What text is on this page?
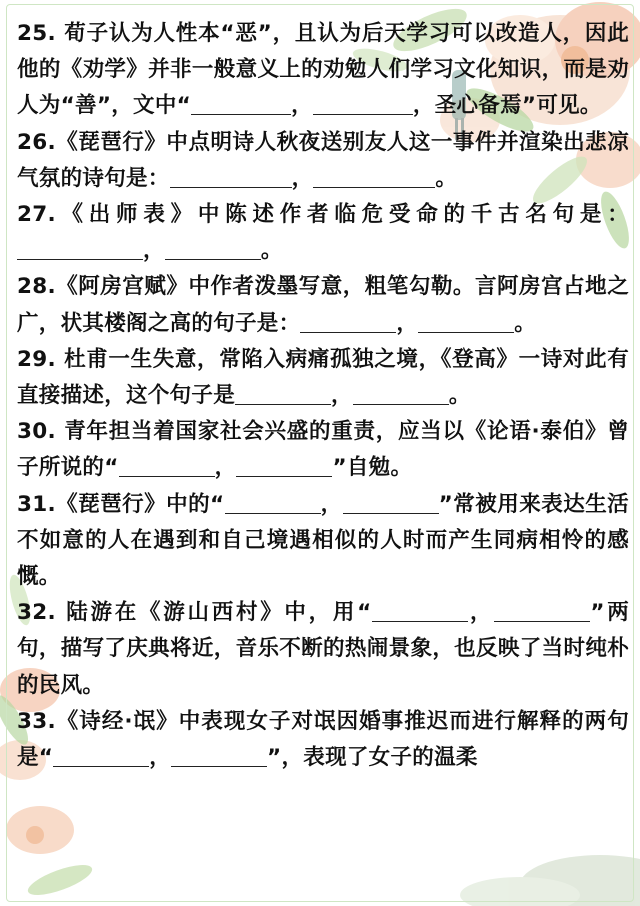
25. 荀子认为人性本“恶”，且认为后天学习可以改造人，因此他的《劝学》并非一般意义上的劝勉人们学习文化知识，而是劝人为“善”，文中“	，	，圣心备焉”可见。

26.《琵琶行》中点明诗人秋夜送别友人这一事件并渲染出悲凉气氛的诗句是：	，	。

27.《出师表》中陈述作者临危受命的千古名句是：，	。

28.《阿房宫赋》中作者泼墨写意，粗笔勾勒。言阿房宫占地之广，状其楼阁之高的句子是：	，	。

29. 杜甫一生失意，常陷入病痛孤独之境，《登高》一诗对此有直接描述，这个句子是	，	。

30. 青年担当着国家社会兴盛的重责，应当以《论语·泰伯》曾子所说的“	，	”自勉。

31.《琵琶行》中的“	，	”常被用来表达生活不如意的人在遇到和自己境遇相似的人时而产生同病相怜的感慨。

32. 陆游在《游山西村》中，用“	，	”两句，描写了庆典将近，音乐不断的热闹景象，也反映了当时纯朴的民风。

33.《诗经·氓》中表现女子对氓因婚事推迟而进行解释的两句是“	，	”，表现了女子的温柔
